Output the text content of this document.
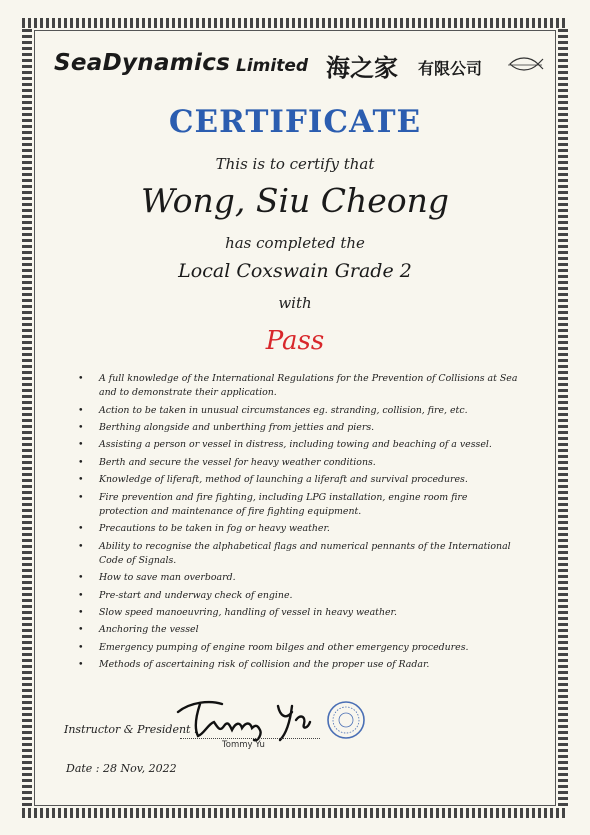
SeaDynamics Limited 海之家 有限公司
CERTIFICATE
This is to certify that
Wong, Siu Cheong
has completed the
Local Coxswain Grade 2
with
Pass
• A full knowledge of the International Regulations for the Prevention of Collisions at Sea and to demonstrate their application.
• Action to be taken in unusual circumstances eg. stranding, collision, fire, etc.
• Berthing alongside and unberthing from jetties and piers.
• Assisting a person or vessel in distress, including towing and beaching of a vessel.
• Berth and secure the vessel for heavy weather conditions.
• Knowledge of liferaft, method of launching a liferaft and survival procedures.
• Fire prevention and fire fighting, including LPG installation, engine room fire protection and maintenance of fire fighting equipment.
• Precautions to be taken in fog or heavy weather.
• Ability to recognise the alphabetical flags and numerical pennants of the International Code of Signals.
• How to save man overboard.
• Pre-start and underway check of engine.
• Slow speed manoeuvring, handling of vessel in heavy weather.
• Anchoring the vessel
• Emergency pumping of engine room bilges and other emergency procedures.
• Methods of ascertaining risk of collision and the proper use of Radar.
Instructor & President :
Tommy Yu
Date : 28 Nov, 2022
